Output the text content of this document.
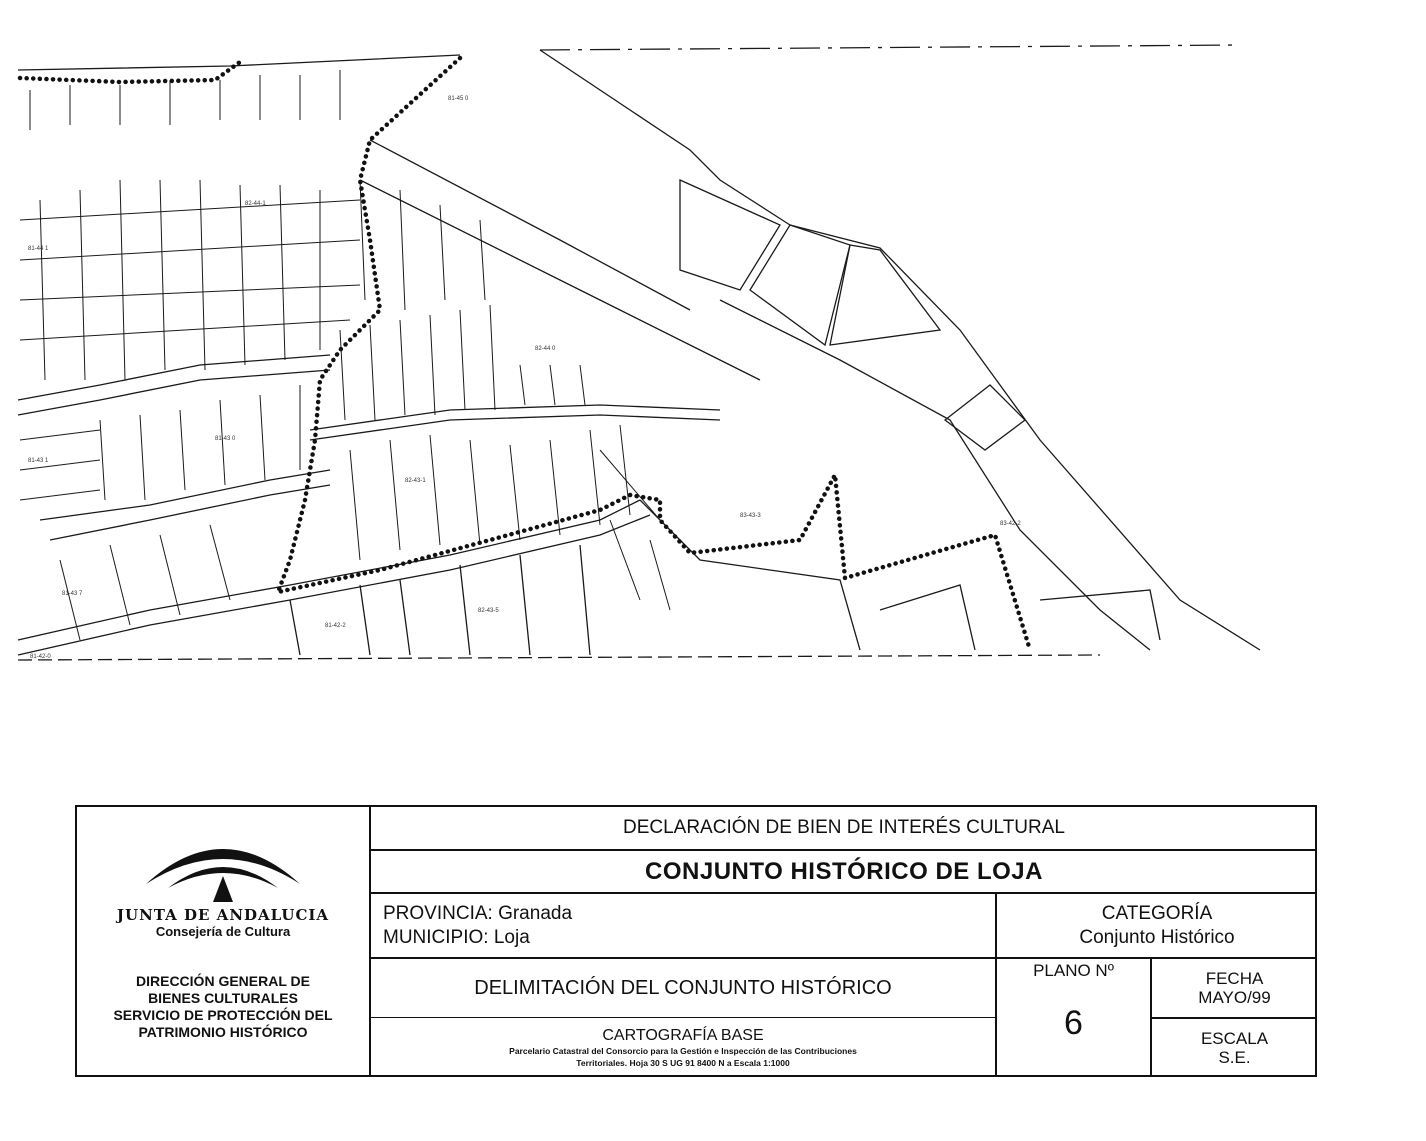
81-45 0
82-44 0
82-43-1
81-43 0
81-43 1
81-42-2
82-43-5
83-43-3
81-44 1
81-43 7
81-42-0
82-44-1
83-42-2
JUNTA DE ANDALUCIA
Consejería de Cultura
DIRECCIÓN GENERAL DE
BIENES CULTURALES
SERVICIO DE PROTECCIÓN DEL
PATRIMONIO HISTÓRICO
DECLARACIÓN DE BIEN DE INTERÉS CULTURAL
CONJUNTO HISTÓRICO DE LOJA
PROVINCIA: Granada
MUNICIPIO: Loja
CATEGORÍA
Conjunto Histórico
DELIMITACIÓN DEL CONJUNTO HISTÓRICO
CARTOGRAFÍA BASE
Parcelario Catastral del Consorcio para la Gestión e Inspección de las Contribuciones
Territoriales. Hoja 30 S UG 91 8400 N a Escala 1:1000
PLANO Nº
6
FECHA
MAYO/99
ESCALA
S.E.
